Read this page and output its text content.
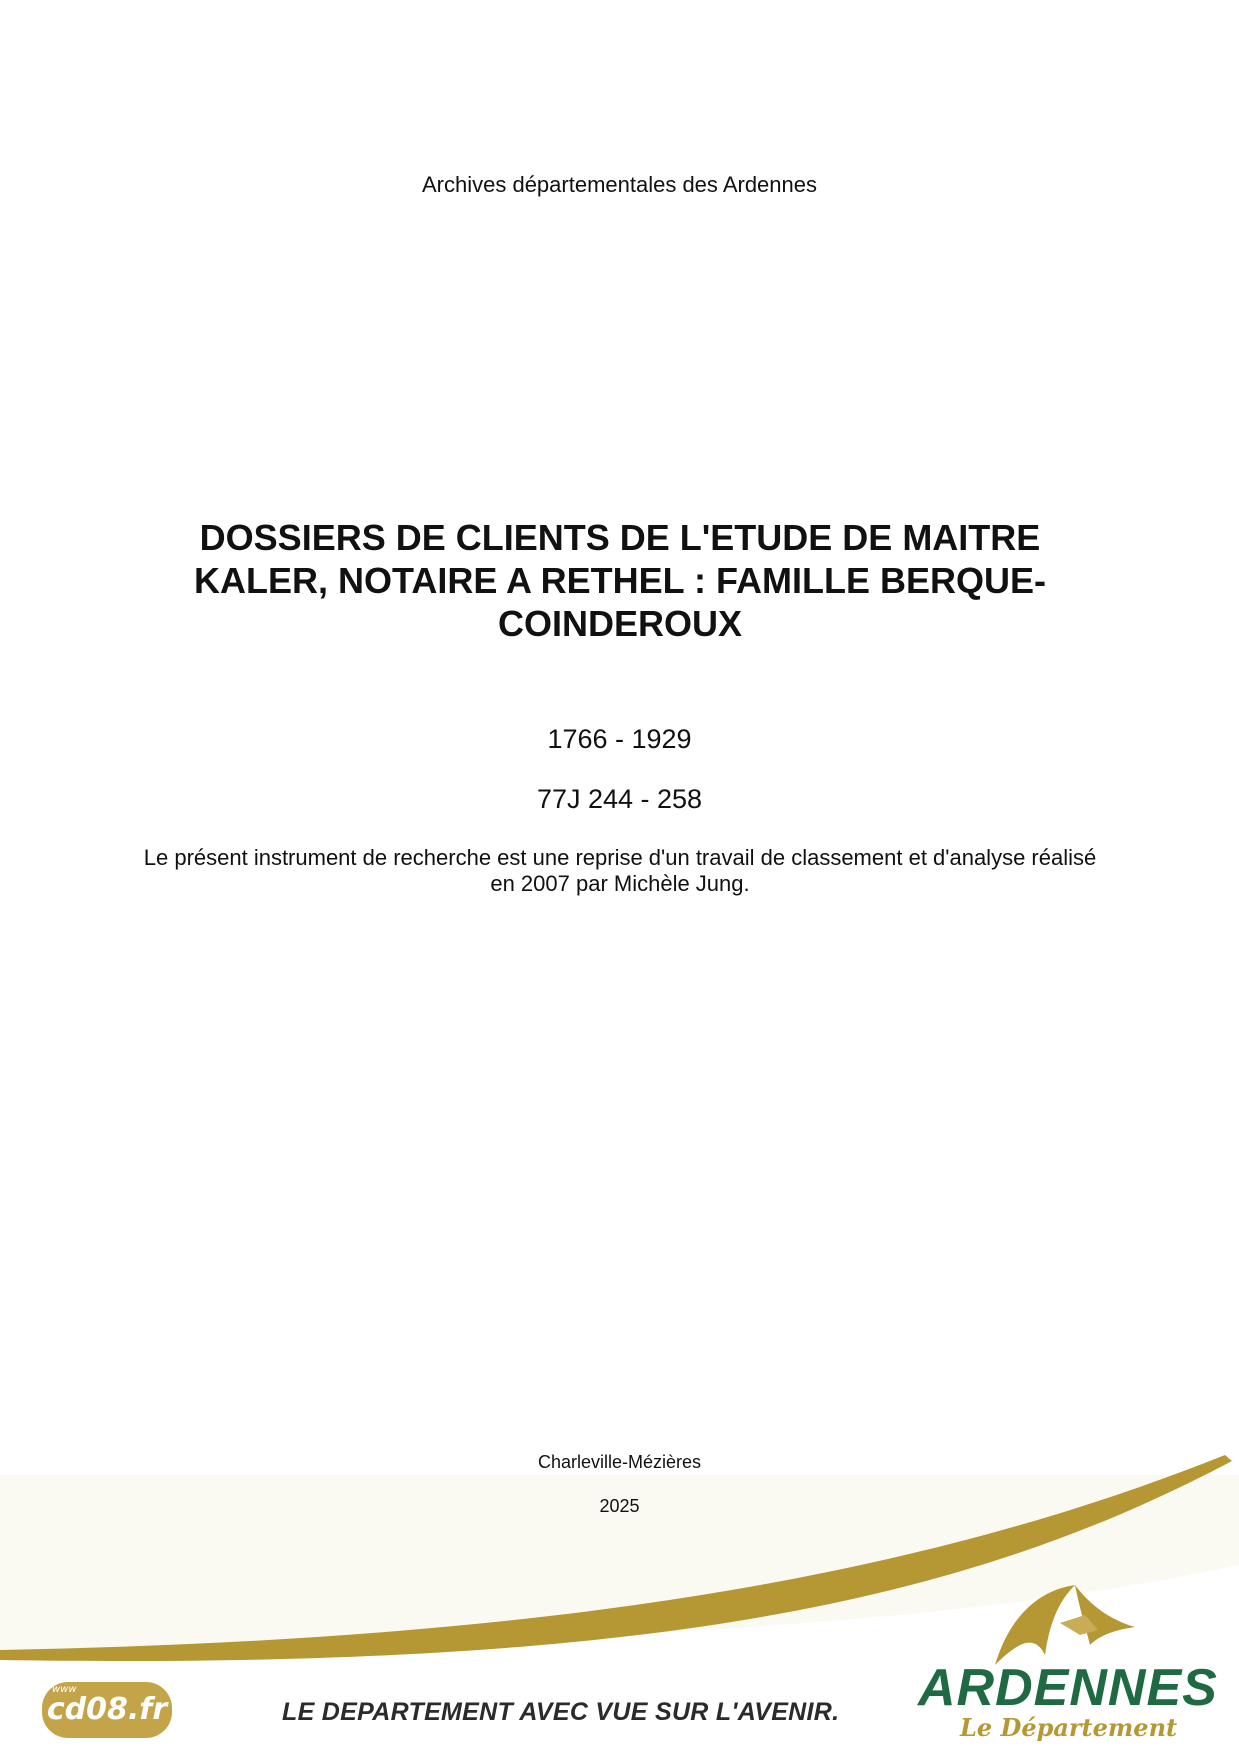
Archives départementales des Ardennes
DOSSIERS DE CLIENTS DE L'ETUDE DE MAITRE KALER, NOTAIRE A RETHEL : FAMILLE BERQUE-COINDEROUX
1766 - 1929
77J 244 - 258
Le présent instrument de recherche est une reprise d'un travail de classement et d'analyse réalisé en 2007 par Michèle Jung.
Charleville-Mézières
2025
cd08.fr
www
LE DEPARTEMENT AVEC VUE SUR L'AVENIR. ARDENNES
Le Département
